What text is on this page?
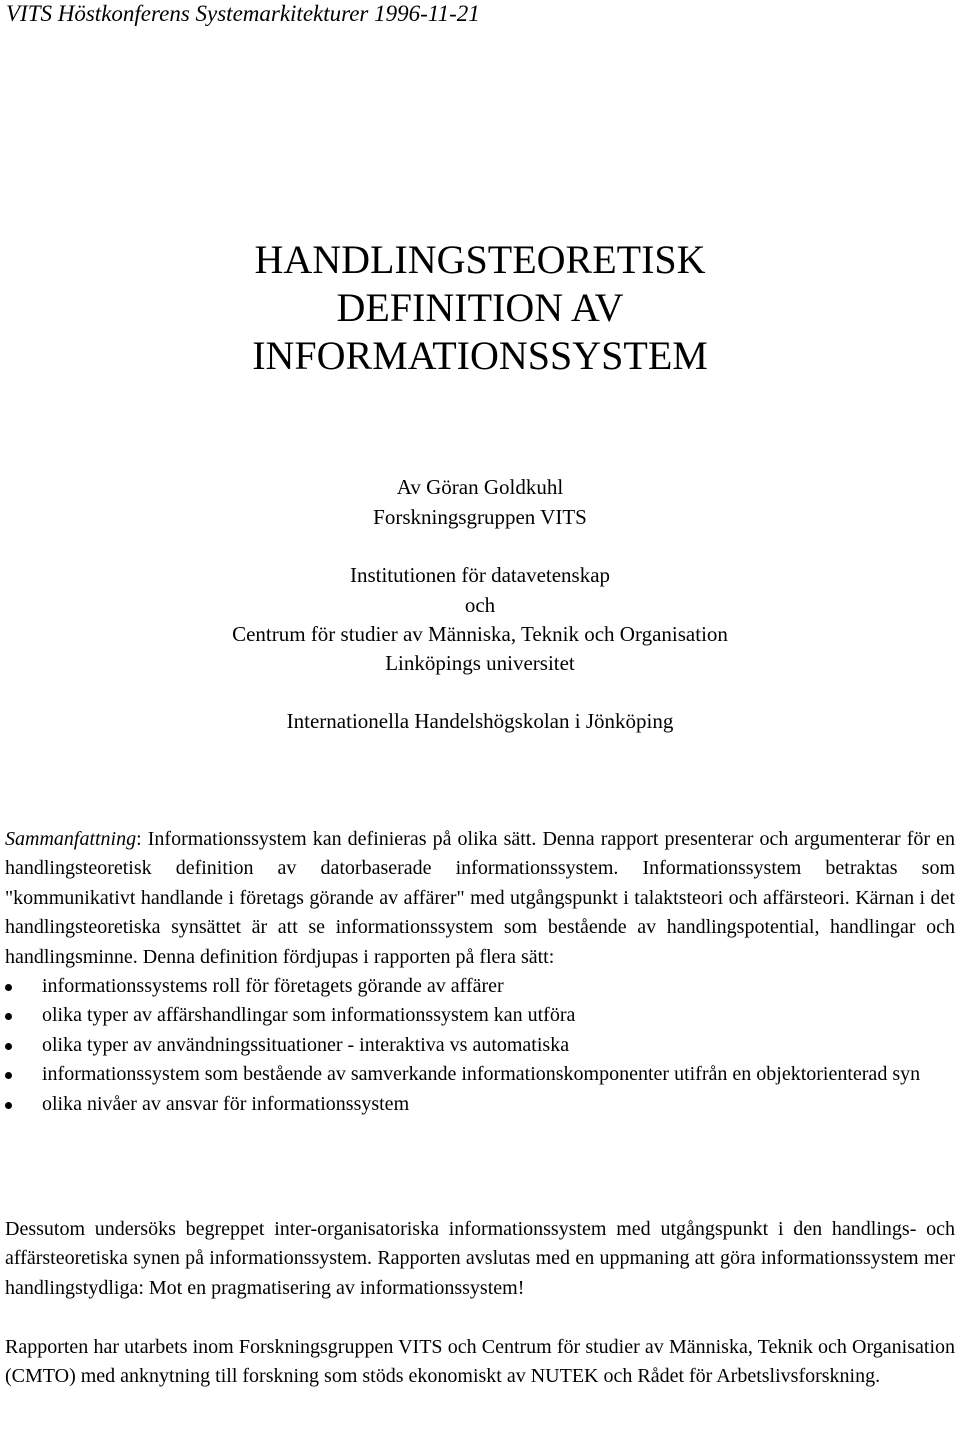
VITS Höstkonferens Systemarkitekturer 1996-11-21
HANDLINGSTEORETISK
DEFINITION AV
INFORMATIONSSYSTEM
Av Göran Goldkuhl
Forskningsgruppen VITS
Institutionen för datavetenskap
och
Centrum för studier av Människa, Teknik och Organisation
Linköpings universitet
Internationella Handelshögskolan i Jönköping

Sammanfattning: Informationssystem kan definieras på olika sätt. Denna rapport presenterar och argumenterar för en handlingsteoretisk definition av datorbaserade informationssystem. Informationssystem betraktas som "kommunikativt handlande i företags görande av affärer" med utgångspunkt i talaktsteori och affärsteori. Kärnan i det handlingsteoretiska synsättet är att se informationssystem som bestående av handlingspotential, handlingar och handlingsminne. Denna definition fördjupas i rapporten på flera sätt:

informationssystems roll för företagets görande av affärer
olika typer av affärshandlingar som informationssystem kan utföra
olika typer av användningssituationer - interaktiva vs automatiska
informationssystem som bestående av samverkande informationskomponenter utifrån en objektorienterad syn
olika nivåer av ansvar för informationssystem
Dessutom undersöks begreppet inter-organisatoriska informationssystem med utgångspunkt i den handlings- och affärsteoretiska synen på informationssystem. Rapporten avslutas med en uppmaning att göra informationssystem mer handlingstydliga: Mot en pragmatisering av informationssystem!
Rapporten har utarbets inom Forskningsgruppen VITS och Centrum för studier av Människa, Teknik och Organisation (CMTO) med anknytning till forskning som stöds ekonomiskt av NUTEK och Rådet för Arbetslivsforskning.
